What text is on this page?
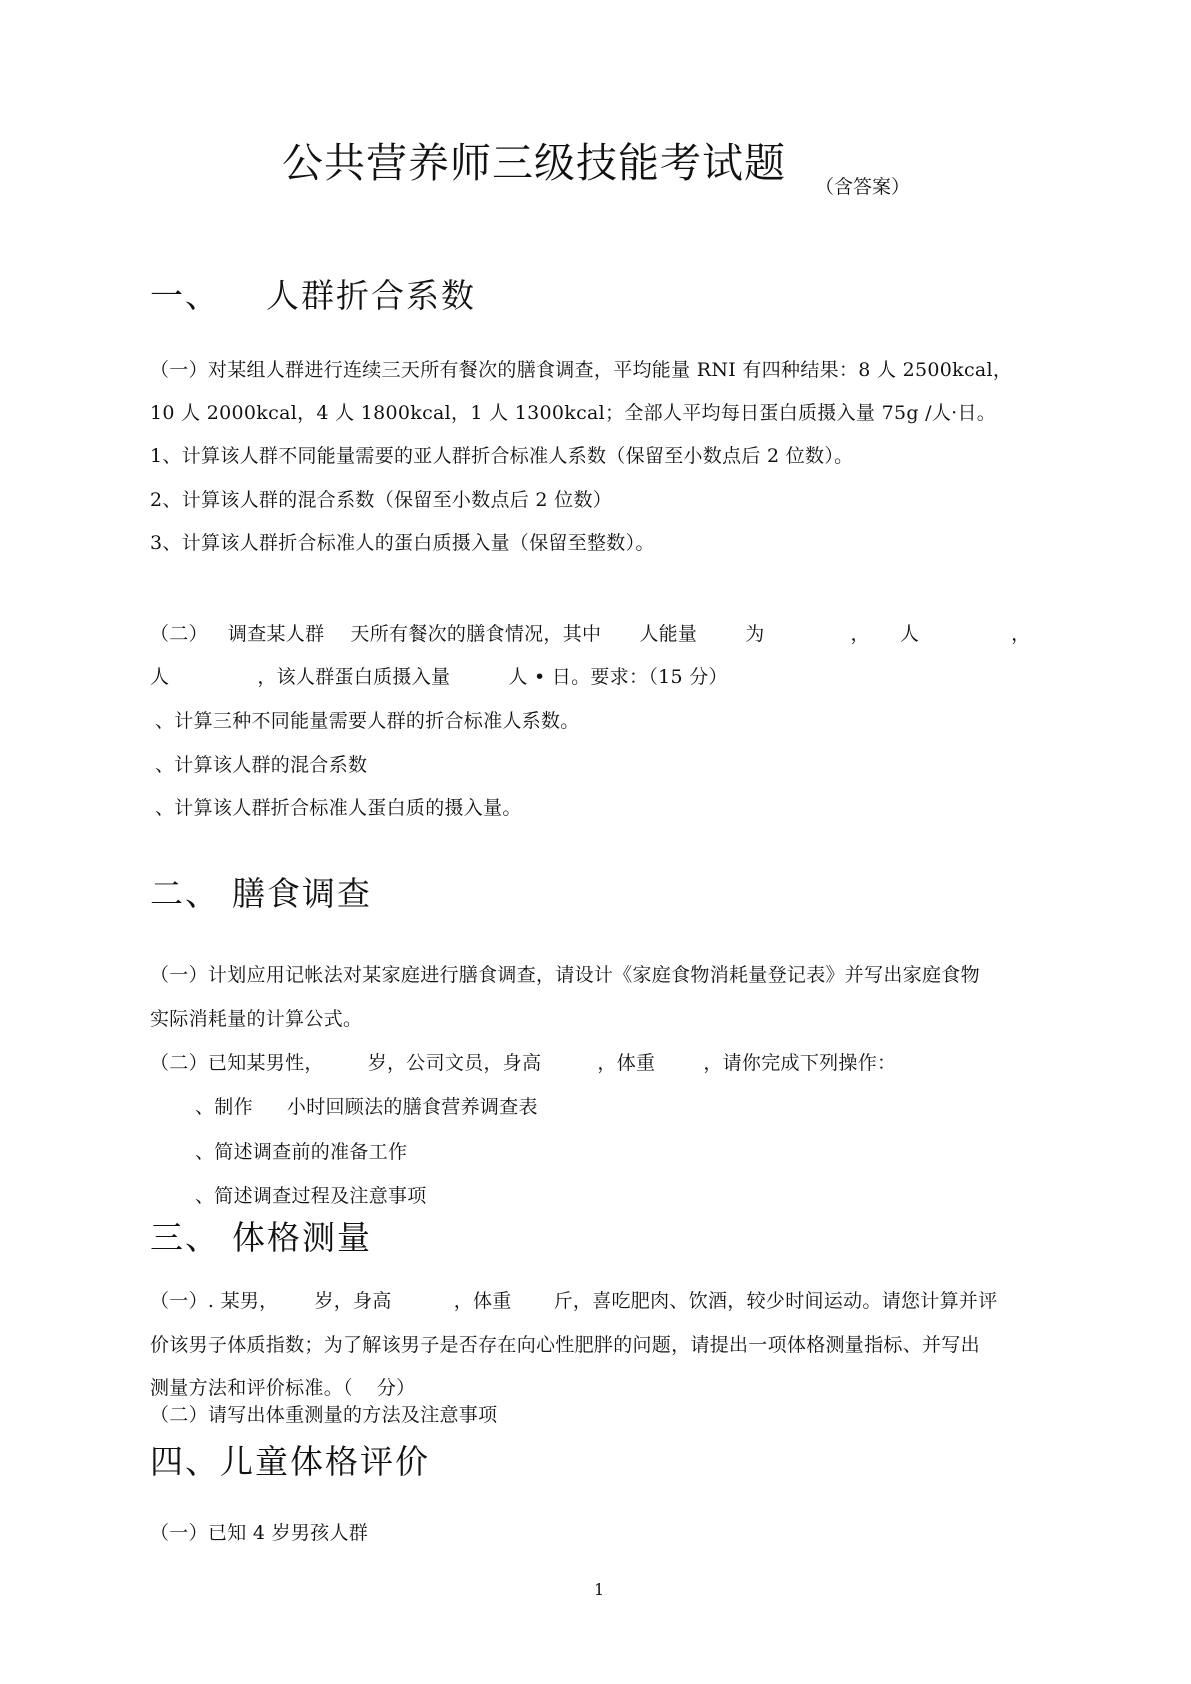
公共营养师三级技能考试题 （含答案）
一、 人群折合系数
（一）对某组人群进行连续三天所有餐次的膳食调查，平均能量 RNI 有四种结果：8 人 2500kcal，
10 人 2000kcal，4 人 1800kcal，1 人 1300kcal；全部人平均每日蛋白质摄入量 75g /人·日。
1、计算该人群不同能量需要的亚人群折合标准人系数（保留至小数点后 2 位数）。
2、计算该人群的混合系数（保留至小数点后 2 位数）
3、计算该人群折合标准人的蛋白质摄入量（保留至整数）。
（二） 调查某人群 天所有餐次的膳食情况，其中 人能量	为	， 人	，
人	，该人群蛋白质摄入量	人 • 日。要求：（15 分）
、计算三种不同能量需要人群的折合标准人系数。
、计算该人群的混合系数
、计算该人群折合标准人蛋白质的摄入量。
二、 膳食调查
（一）计划应用记帐法对某家庭进行膳食调查，请设计《家庭食物消耗量登记表》并写出家庭食物
实际消耗量的计算公式。
（二）已知某男性， 岁，公司文员，身高	，体重	，请你完成下列操作：
、制作 小时回顾法的膳食营养调查表
、简述调查前的准备工作
、简述调查过程及注意事项
三、 体格测量
（一）. 某男， 岁，身高	，体重 斤，喜吃肥肉、饮酒，较少时间运动。请您计算并评
价该男子体质指数；为了解该男子是否存在向心性肥胖的问题，请提出一项体格测量指标、并写出
测量方法和评价标准。（ 分）
（二）请写出体重测量的方法及注意事项
四、儿童体格评价
（一）已知 4 岁男孩人群
1
